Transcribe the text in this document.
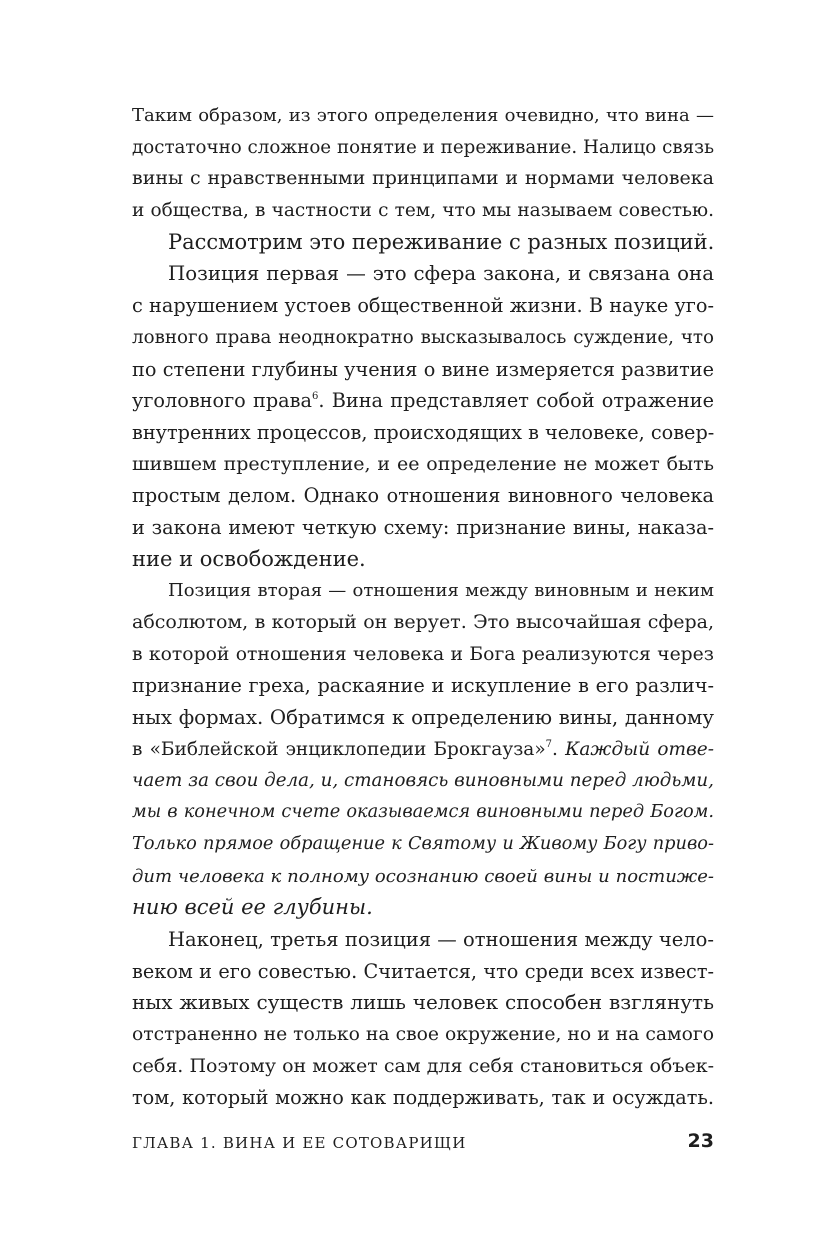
Таким образом, из этого определения очевидно, что вина —
достаточно сложное понятие и переживание. Налицо связь
вины с нравственными принципами и нормами человека
и общества, в частности с тем, что мы называем совестью.
Рассмотрим это переживание с разных позиций.
Позиция первая — это сфера закона, и связана она
с нарушением устоев общественной жизни. В науке уго-
ловного права неоднократно высказывалось суждение, что
по степени глубины учения о вине измеряется развитие
уголовного права$^6$. Вина представляет собой отражение
внутренних процессов, происходящих в человеке, совер-
шившем преступление, и ее определение не может быть
простым делом. Однако отношения виновного человека
и закона имеют четкую схему: признание вины, наказа-
ние и освобождение.
Позиция вторая — отношения между виновным и неким
абсолютом, в который он верует. Это высочайшая сфера,
в которой отношения человека и Бога реализуются через
признание греха, раскаяние и искупление в его различ-
ных формах. Обратимся к определению вины, данному
в «Библейской энциклопедии Брокгауза»$^7$. Каждый отве-
чает за свои дела, и, становясь виновными перед людьми,
мы в конечном счете оказываемся виновными перед Богом.
Только прямое обращение к Святому и Живому Богу приво-
дит человека к полному осознанию своей вины и постиже-
нию всей ее глубины.
Наконец, третья позиция — отношения между чело-
веком и его совестью. Считается, что среди всех извест-
ных живых существ лишь человек способен взглянуть
отстраненно не только на свое окружение, но и на самого
себя. Поэтому он может сам для себя становиться объек-
том, который можно как поддерживать, так и осуждать.
ГЛАВА 1. ВИНА И ЕЕ СОТОВАРИЩИ	23
